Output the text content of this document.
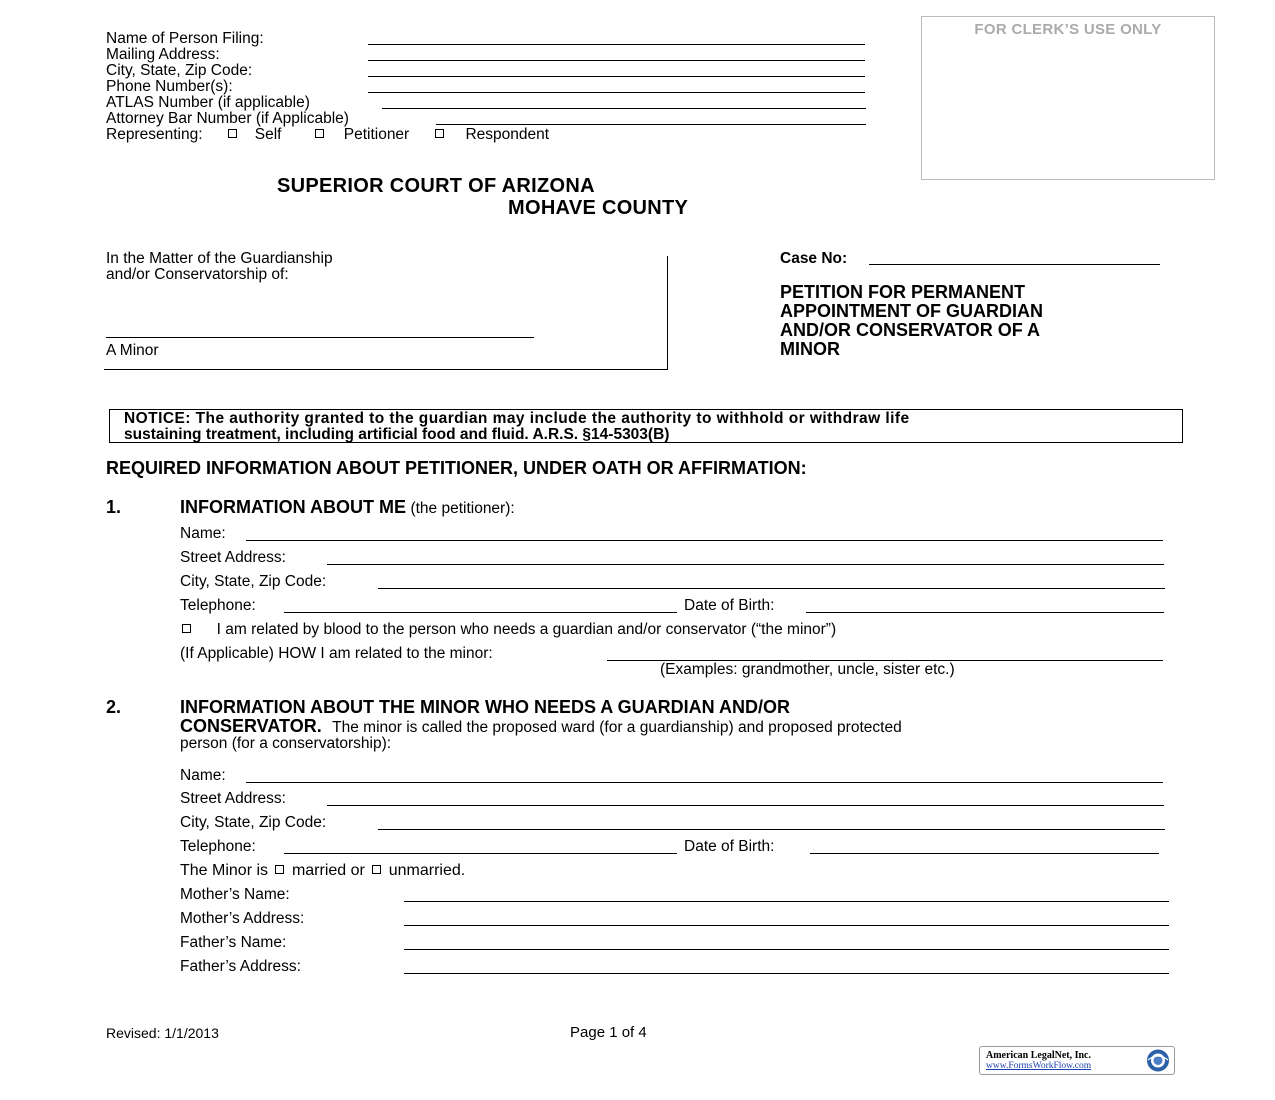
Name of Person Filing:
Mailing Address:
City, State, Zip Code:
Phone Number(s):
ATLAS Number (if applicable)
Attorney Bar Number (if Applicable)
Representing:	Self	Petitioner	Respondent
FOR CLERK’S USE ONLY
SUPERIOR COURT OF ARIZONA
MOHAVE COUNTY
In the Matter of the Guardianship
and/or Conservatorship of:
A Minor
Case No:
PETITION FOR PERMANENT
APPOINTMENT OF GUARDIAN
AND/OR CONSERVATOR OF A
MINOR
NOTICE: The authority granted to the guardian may include the authority to withhold or withdraw life
sustaining treatment, including artificial food and fluid. A.R.S. §14-5303(B)
REQUIRED INFORMATION ABOUT PETITIONER, UNDER OATH OR AFFIRMATION:
1.	INFORMATION ABOUT ME (the petitioner):
Name:
Street Address:
City, State, Zip Code:
Telephone:	Date of Birth:
I am related by blood to the person who needs a guardian and/or conservator (“the minor”)
(If Applicable) HOW I am related to the minor:
(Examples: grandmother, uncle, sister etc.)
2.	INFORMATION ABOUT THE MINOR WHO NEEDS A GUARDIAN AND/OR
CONSERVATOR. The minor is called the proposed ward (for a guardianship) and proposed protected
person (for a conservatorship):
Name:
Street Address:
City, State, Zip Code:
Telephone:	Date of Birth:
The Minor is married or unmarried.
Mother’s Name:
Mother’s Address:
Father’s Name:
Father’s Address:
Revised: 1/1/2013	Page 1 of 4
American LegalNet, Inc.
www.FormsWorkFlow.com
